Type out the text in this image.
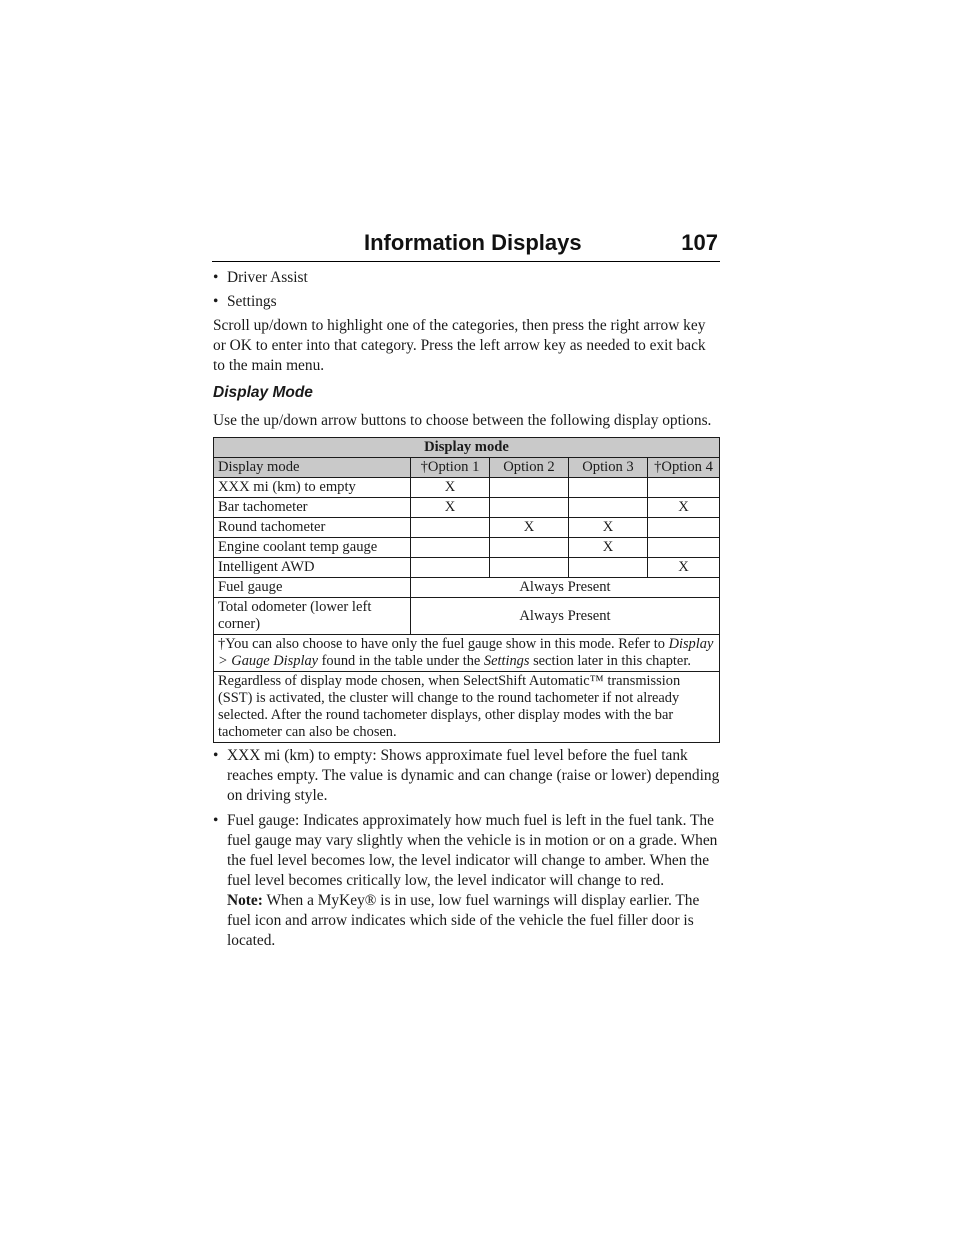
Information Displays	107
• Driver Assist
• Settings

Scroll up/down to highlight one of the categories, then press the right arrow key or OK to enter into that category. Press the left arrow key as needed to exit back to the main menu.

Display Mode

Use the up/down arrow buttons to choose between the following display options.

Display mode				
Display mode	†Option 1	Option 2	Option 3	†Option 4
XXX mi (km) to empty	X			
Bar tachometer	X			X
Round tachometer		X	X	
Engine coolant temp gauge			X	
Intelligent AWD				X
Fuel gauge	Always Present			
Total odometer (lower left corner)	Always Present			
†You can also choose to have only the fuel gauge show in this mode. Refer to Display > Gauge Display found in the table under the Settings section later in this chapter.				
Regardless of display mode chosen, when SelectShift Automatic™ transmission (SST) is activated, the cluster will change to the round tachometer if not already selected. After the round tachometer displays, other display modes with the bar tachometer can also be chosen.				
• XXX mi (km) to empty: Shows approximate fuel level before the fuel tank reaches empty. The value is dynamic and can change (raise or lower) depending on driving style.
• Fuel gauge: Indicates approximately how much fuel is left in the fuel tank. The fuel gauge may vary slightly when the vehicle is in motion or on a grade. When the fuel level becomes low, the level indicator will change to amber. When the fuel level becomes critically low, the level indicator will change to red.
Note: When a MyKey® is in use, low fuel warnings will display earlier. The fuel icon and arrow indicates which side of the vehicle the fuel filler door is located.
